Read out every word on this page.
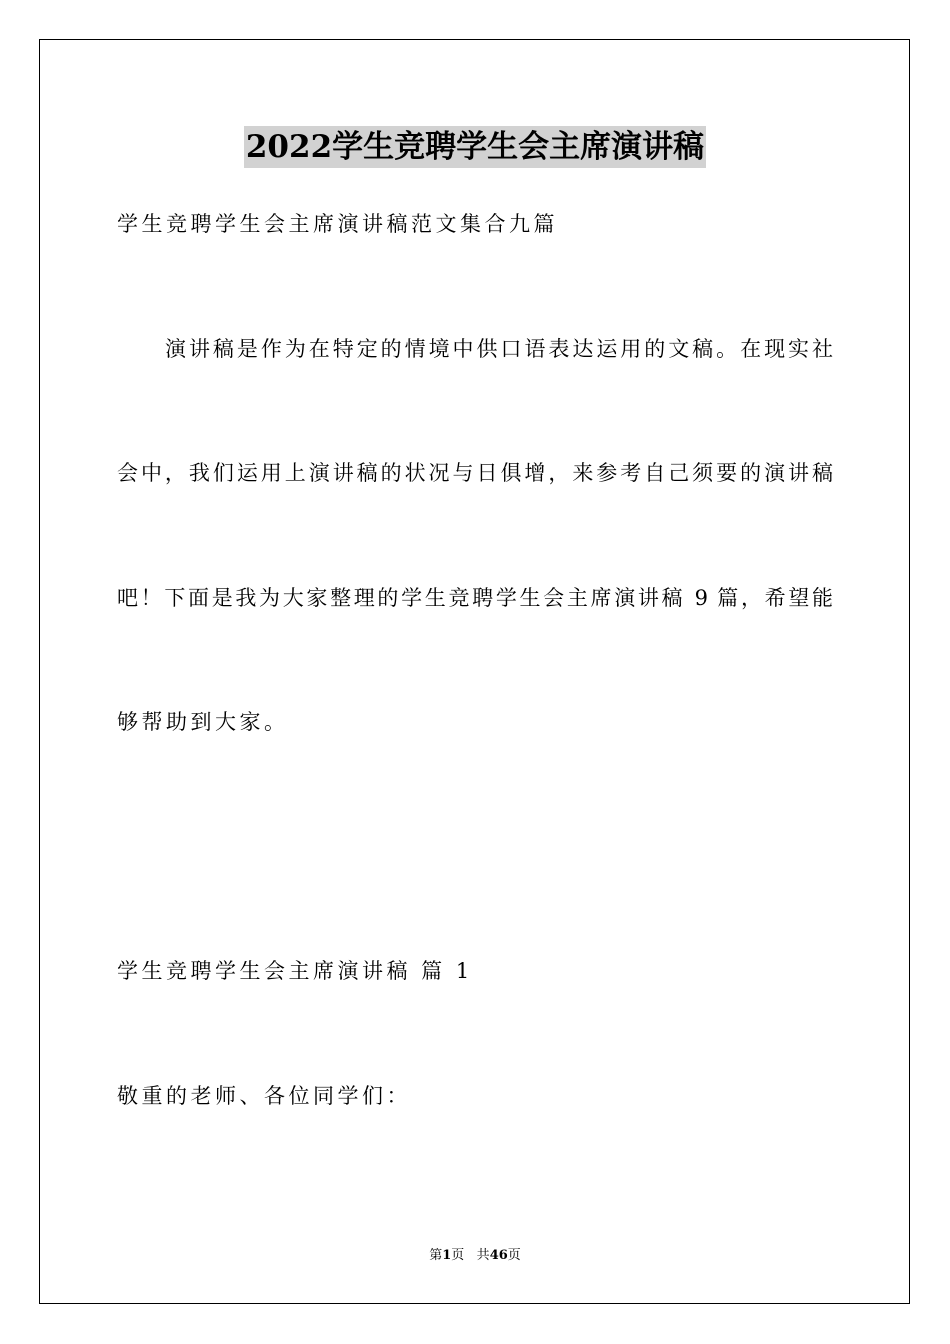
2022学生竞聘学生会主席演讲稿
学生竞聘学生会主席演讲稿范文集合九篇
演讲稿是作为在特定的情境中供口语表达运用的文稿。在现实社
会中，我们运用上演讲稿的状况与日俱增，来参考自己须要的演讲稿
吧！下面是我为大家整理的学生竞聘学生会主席演讲稿 9 篇，希望能
够帮助到大家。
学生竞聘学生会主席演讲稿 篇 1
敬重的老师、各位同学们：
第1页 共46页
